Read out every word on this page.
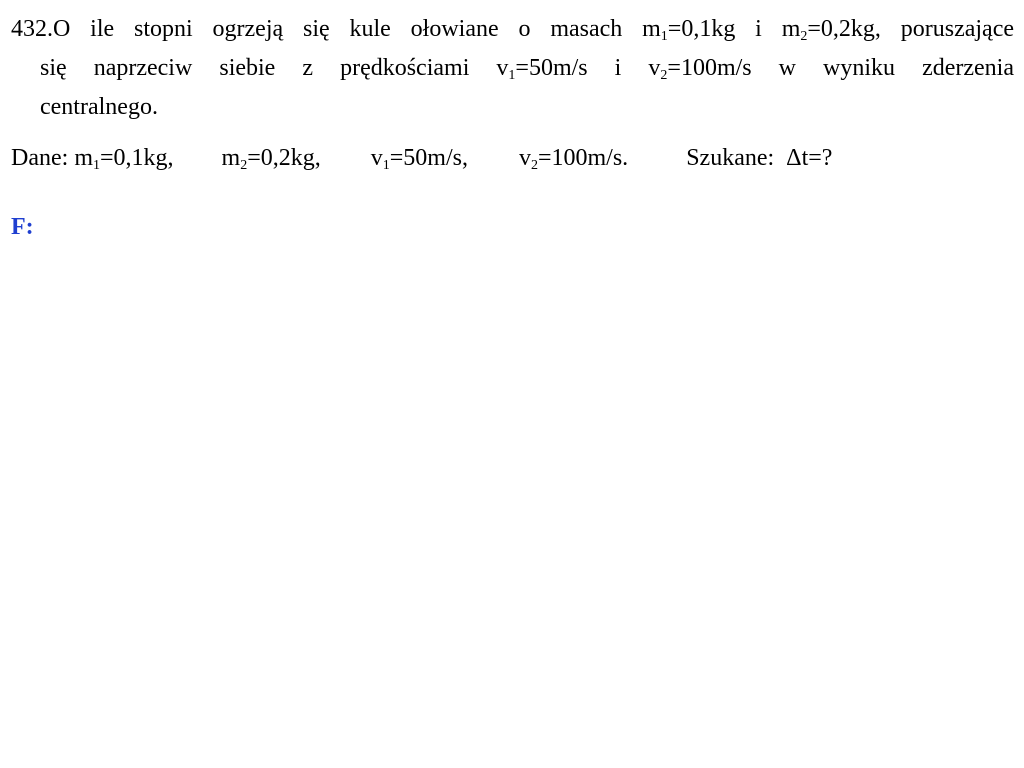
432.O ile stopni ogrzeją się kule ołowiane o masach $m_1=0,1kg$ i $m_2=0,2kg$, poruszające
się naprzeciw siebie z prędkościami $v_1=50m/s$ i $v_2=100m/s$ w wyniku zderzenia
centralnego.
Dane: $m_1=0,1kg$, $m_2=0,2kg$, $v_1=50m/s$, $v_2=100m/s$. Szukane: Δt=?
F:
